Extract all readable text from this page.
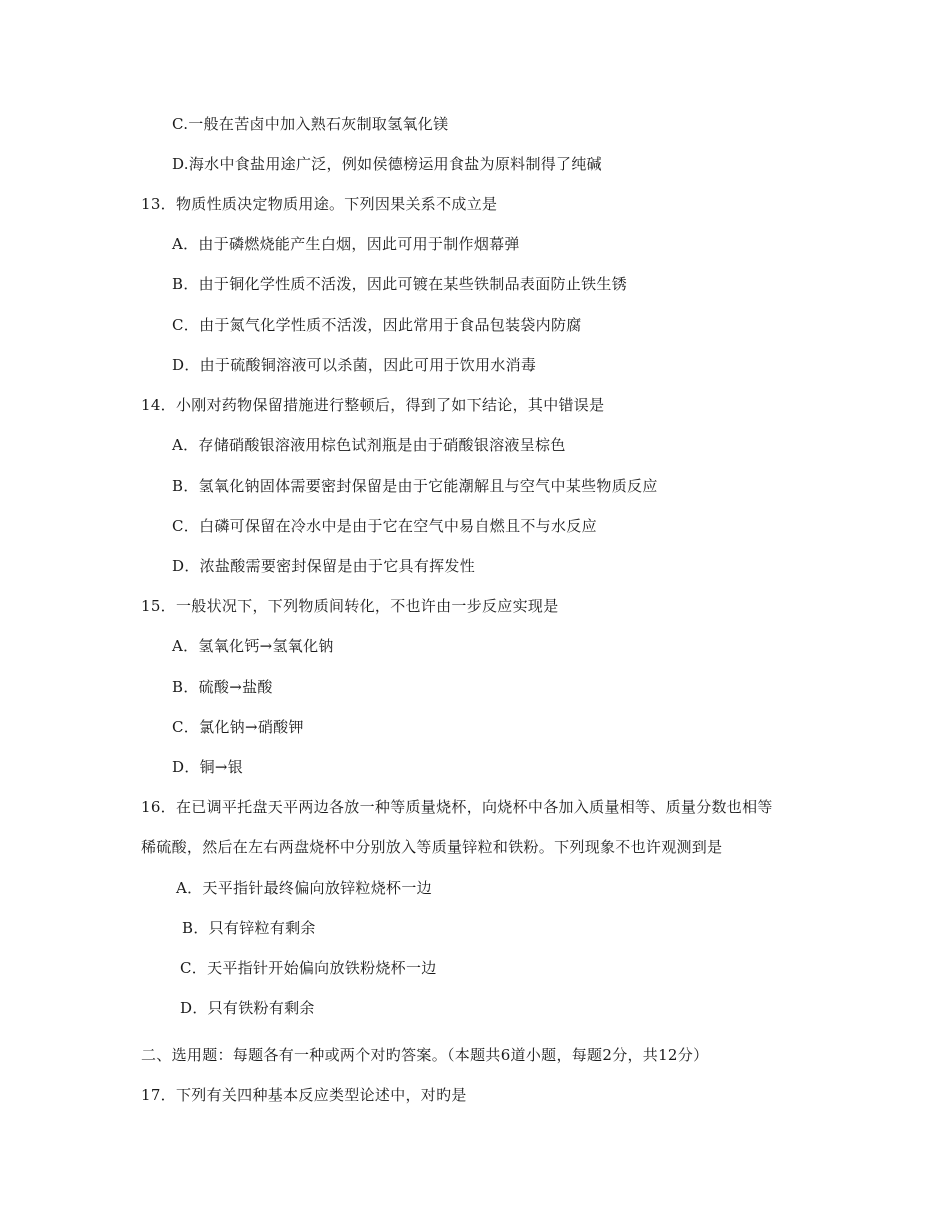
C.一般在苦卤中加入熟石灰制取氢氧化镁
D.海水中食盐用途广泛，例如侯德榜运用食盐为原料制得了纯碱
13．物质性质决定物质用途。下列因果关系不成立是
A．由于磷燃烧能产生白烟，因此可用于制作烟幕弹
B．由于铜化学性质不活泼，因此可镀在某些铁制品表面防止铁生锈
C．由于氮气化学性质不活泼，因此常用于食品包装袋内防腐
D．由于硫酸铜溶液可以杀菌，因此可用于饮用水消毒
14．小刚对药物保留措施进行整顿后，得到了如下结论，其中错误是
A．存储硝酸银溶液用棕色试剂瓶是由于硝酸银溶液呈棕色
B．氢氧化钠固体需要密封保留是由于它能潮解且与空气中某些物质反应
C．白磷可保留在冷水中是由于它在空气中易自燃且不与水反应
D．浓盐酸需要密封保留是由于它具有挥发性
15．一般状况下，下列物质间转化，不也许由一步反应实现是
A．氢氧化钙→氢氧化钠
B．硫酸→盐酸
C．氯化钠→硝酸钾
D．铜→银
16．在已调平托盘天平两边各放一种等质量烧杯，向烧杯中各加入质量相等、质量分数也相等
稀硫酸，然后在左右两盘烧杯中分别放入等质量锌粒和铁粉。下列现象不也许观测到是
A．天平指针最终偏向放锌粒烧杯一边
B．只有锌粒有剩余
C．天平指针开始偏向放铁粉烧杯一边
D．只有铁粉有剩余
二、选用题：每题各有一种或两个对旳答案。（本题共6道小题，每题2分，共12分）
17．下列有关四种基本反应类型论述中，对旳是
